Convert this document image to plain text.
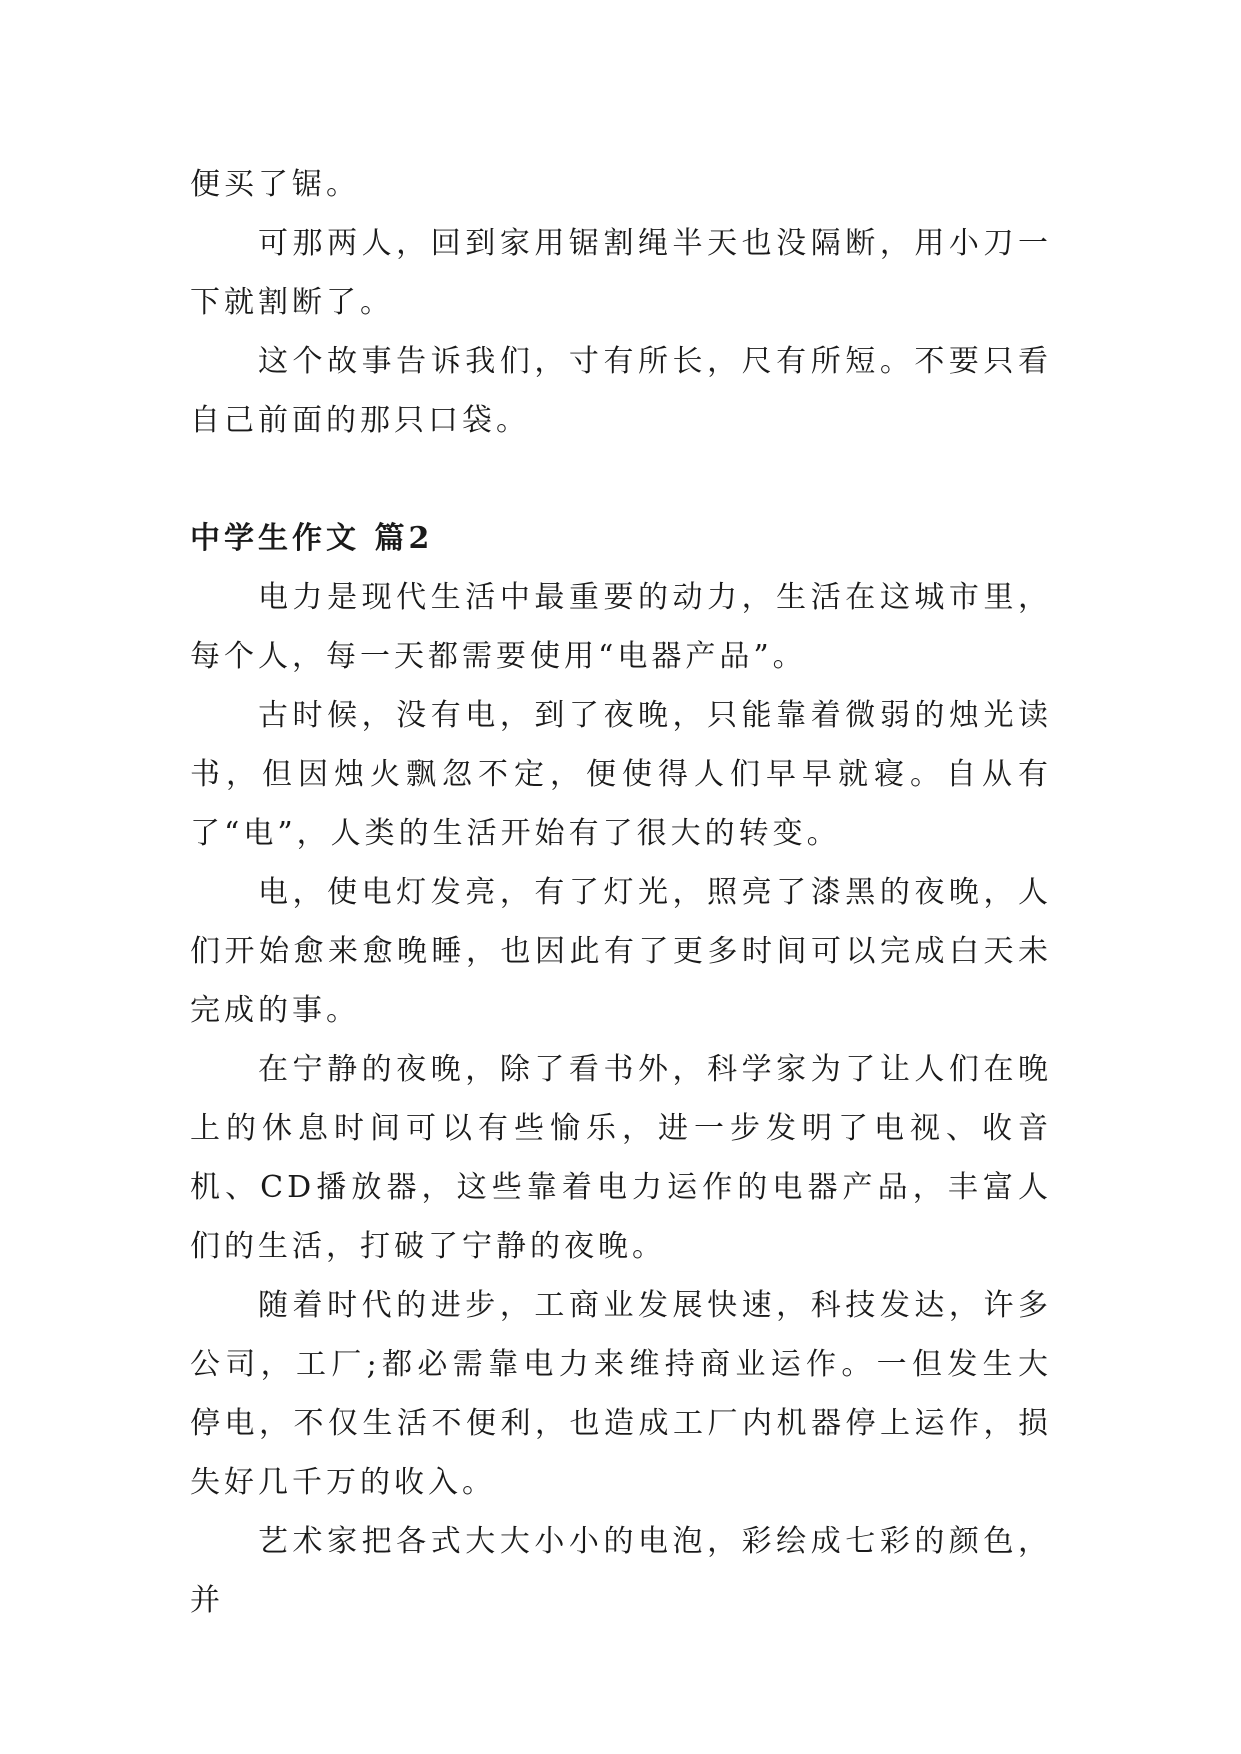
便买了锯。

可那两人，回到家用锯割绳半天也没隔断，用小刀一下就割断了。

这个故事告诉我们，寸有所长，尺有所短。不要只看自己前面的那只口袋。

中学生作文 篇2

电力是现代生活中最重要的动力，生活在这城市里，每个人，每一天都需要使用“电器产品”。

古时候，没有电，到了夜晚，只能靠着微弱的烛光读书，但因烛火飘忽不定，便使得人们早早就寝。自从有了“电”，人类的生活开始有了很大的转变。

电，使电灯发亮，有了灯光，照亮了漆黑的夜晚，人们开始愈来愈晚睡，也因此有了更多时间可以完成白天未完成的事。

在宁静的夜晚，除了看书外，科学家为了让人们在晚上的休息时间可以有些愉乐，进一步发明了电视、收音机、CD播放器，这些靠着电力运作的电器产品，丰富人们的生活，打破了宁静的夜晚。

随着时代的进步，工商业发展快速，科技发达，许多公司，工厂;都必需靠电力来维持商业运作。一但发生大停电，不仅生活不便利，也造成工厂内机器停上运作，损失好几千万的收入。

艺术家把各式大大小小的电泡，彩绘成七彩的颜色，并
